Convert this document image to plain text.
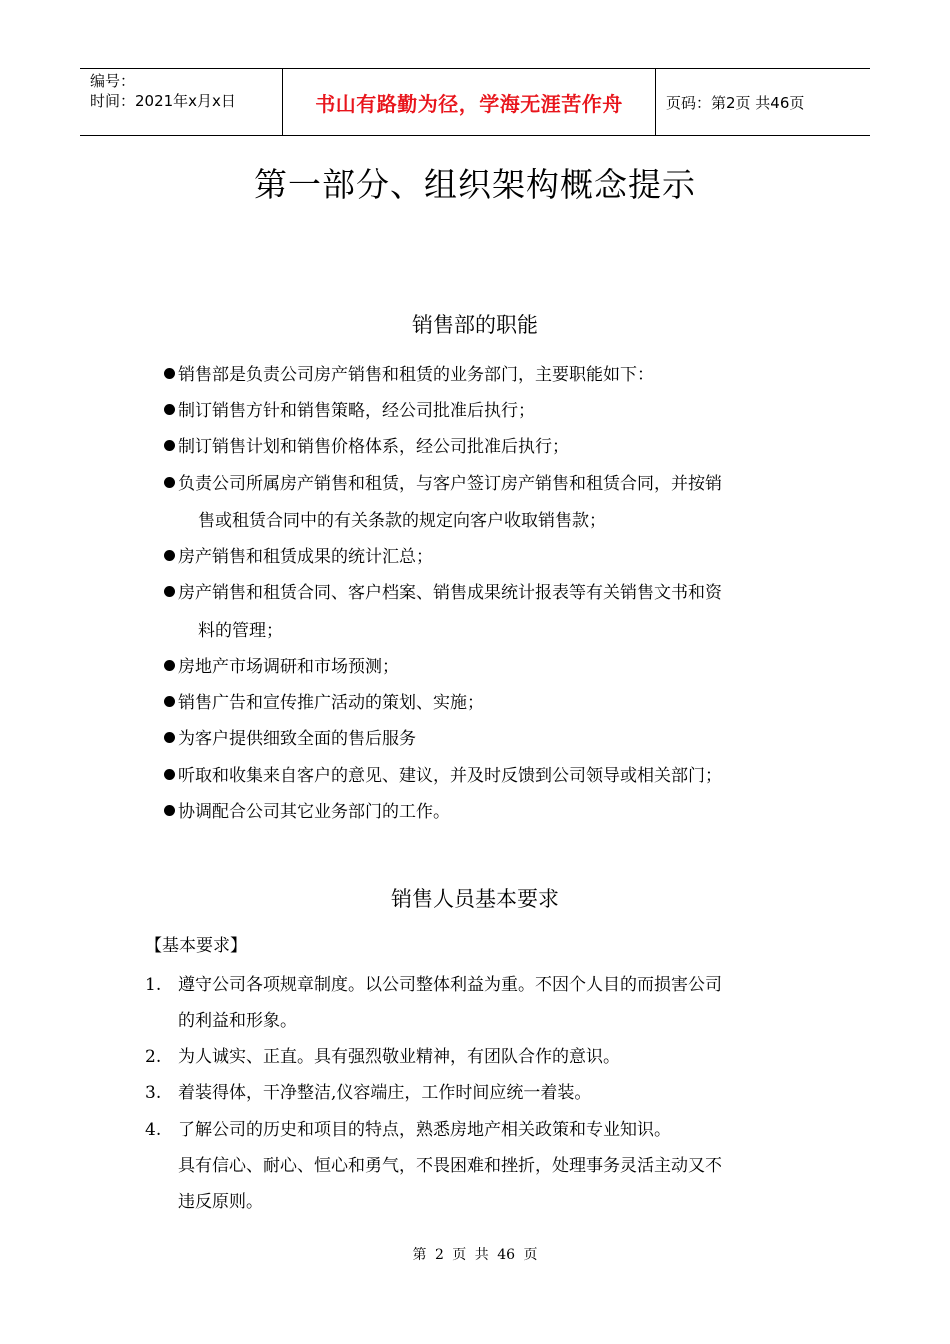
编号：
时间：2021年x月x日	书山有路勤为径，学海无涯苦作舟	页码：第2页 共46页
第一部分、组织架构概念提示
销售部的职能
销售部是负责公司房产销售和租赁的业务部门，主要职能如下：
制订销售方针和销售策略，经公司批准后执行；
制订销售计划和销售价格体系，经公司批准后执行；
负责公司所属房产销售和租赁，与客户签订房产销售和租赁合同，并按销
售或租赁合同中的有关条款的规定向客户收取销售款；
房产销售和租赁成果的统计汇总；
房产销售和租赁合同、客户档案、销售成果统计报表等有关销售文书和资
料的管理；
房地产市场调研和市场预测；
销售广告和宣传推广活动的策划、实施；
为客户提供细致全面的售后服务
听取和收集来自客户的意见、建议，并及时反馈到公司领导或相关部门；
协调配合公司其它业务部门的工作。
销售人员基本要求
【基本要求】
1. 遵守公司各项规章制度。以公司整体利益为重。不因个人目的而损害公司
的利益和形象。
2. 为人诚实、正直。具有强烈敬业精神，有团队合作的意识。
3. 着装得体，干净整洁,仪容端庄，工作时间应统一着装。
4. 了解公司的历史和项目的特点，熟悉房地产相关政策和专业知识。
具有信心、耐心、恒心和勇气，不畏困难和挫折，处理事务灵活主动又不
违反原则。
第 2 页 共 46 页
